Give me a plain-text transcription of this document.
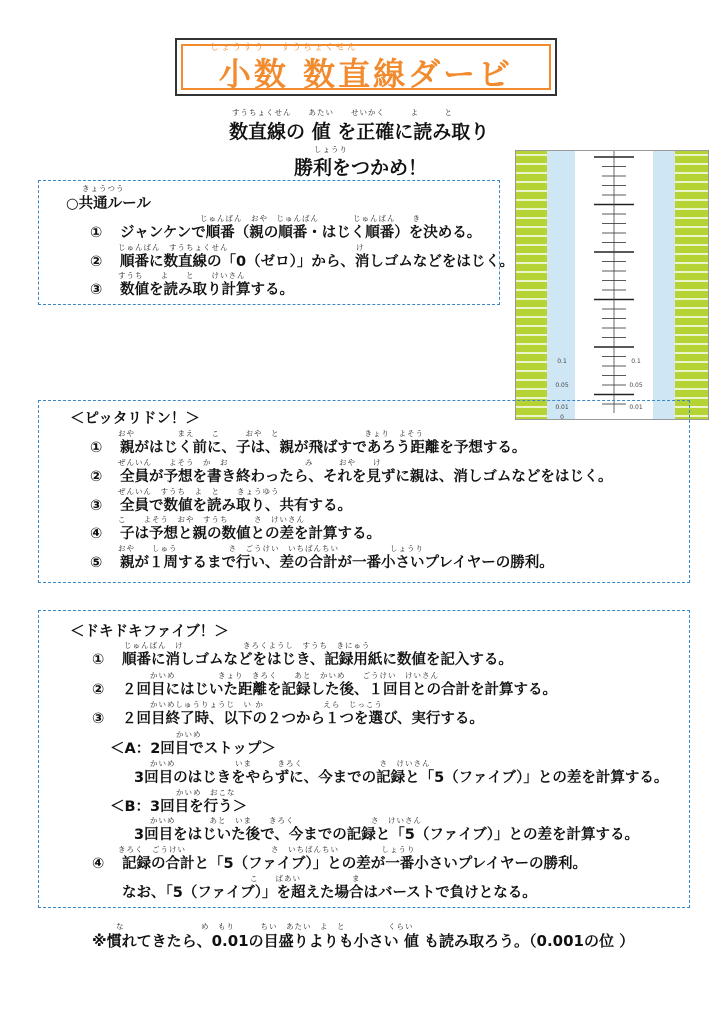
しょうすう　 すうちょくせん
小数 数直線ダービ
すうちょくせん　　あたい　　せいかく　　　よ　　　と
数直線の 値 を正確に読み取り
しょうり
勝利をつかめ！
きょうつう
○共通ルール
じゅんばん　おや　じゅんばん　　　　じゅんばん　　き
① ジャンケンで順番（親の順番・はじく順番）を決める。
じゅんばん　すうちょくせん　　　　　　　　　　　　　　　け
② 順番に数直線の「0（ゼロ）」から、消しゴムなどをはじく。
すうち　　よ　　と　　けいさん
③ 数値を読み取り計算する。
0.1
0.05
0.01
0
0.1
0.05
0.01
＜ピッタリドン！＞
おや　　　　　まえ　　こ　　　おや　と　　　　　　　　　　きょり　よそう
① 親がはじく前に、子は、親が飛ばすであろう距離を予想する。
ぜんいん　　よそう　か　お　　　　　　　　　み　　　おや　　け
② 全員が予想を書き終わったら、それを見ずに親は、消しゴムなどをはじく。
ぜんいん　すうち　よ　と　　きょうゆう
③ 全員で数値を読み取り、共有する。
こ　　よそう　おや　すうち　　　さ　けいさん
④ 子は予想と親の数値との差を計算する。
おや　　しゅう　　　　　　さ　ごうけい　いちばんちい　　　　　　しょうり
⑤ 親が１周するまで行い、差の合計が一番小さいプレイヤーの勝利。
＜ドキドキファイブ！＞
じゅんばん　け　　　　　　　きろくようし　すうち　きにゅう
① 順番に消しゴムなどをはじき、記録用紙に数値を記入する。
かいめ　　　　　きょり　きろく　　あと　かいめ　　ごうけい　けいさん
② ２回目にはじいた距離を記録した後、１回目との合計を計算する。
かいめしゅうりょうじ　い か　　　　　　　えら　じっこう
③ ２回目終了時、以下の２つから１つを選び、実行する。
かいめ
＜A：2回目でストップ＞
かいめ　　　　　　　いま　　　きろく　　　　　　　　　さ　けいさん
3回目のはじきをやらずに、今までの記録と「5（ファイブ）」との差を計算する。
かいめ　おこな
＜B：3回目を行う＞
かいめ　　　　あと　いま　　きろく　　　　　　　　　さ　けいさん
3回目をはじいた後で、今までの記録と「5（ファイブ）」との差を計算する。
きろく　ごうけい　　　　　　　　　　さ　いちばんちい　　　　　しょうり
④ 記録の合計と「5（ファイブ）」との差が一番小さいプレイヤーの勝利。
こ　　ばあい　　　　　　ま
なお、「5（ファイブ）」を超えた場合はバーストで負けとなる。
な　　　　　　　　　め　もり　　　ちい　あたい　よ　と　　　　　くらい
※慣れてきたら、0.01の目盛りよりも小さい 値 も読み取ろう。（0.001の位 ）
